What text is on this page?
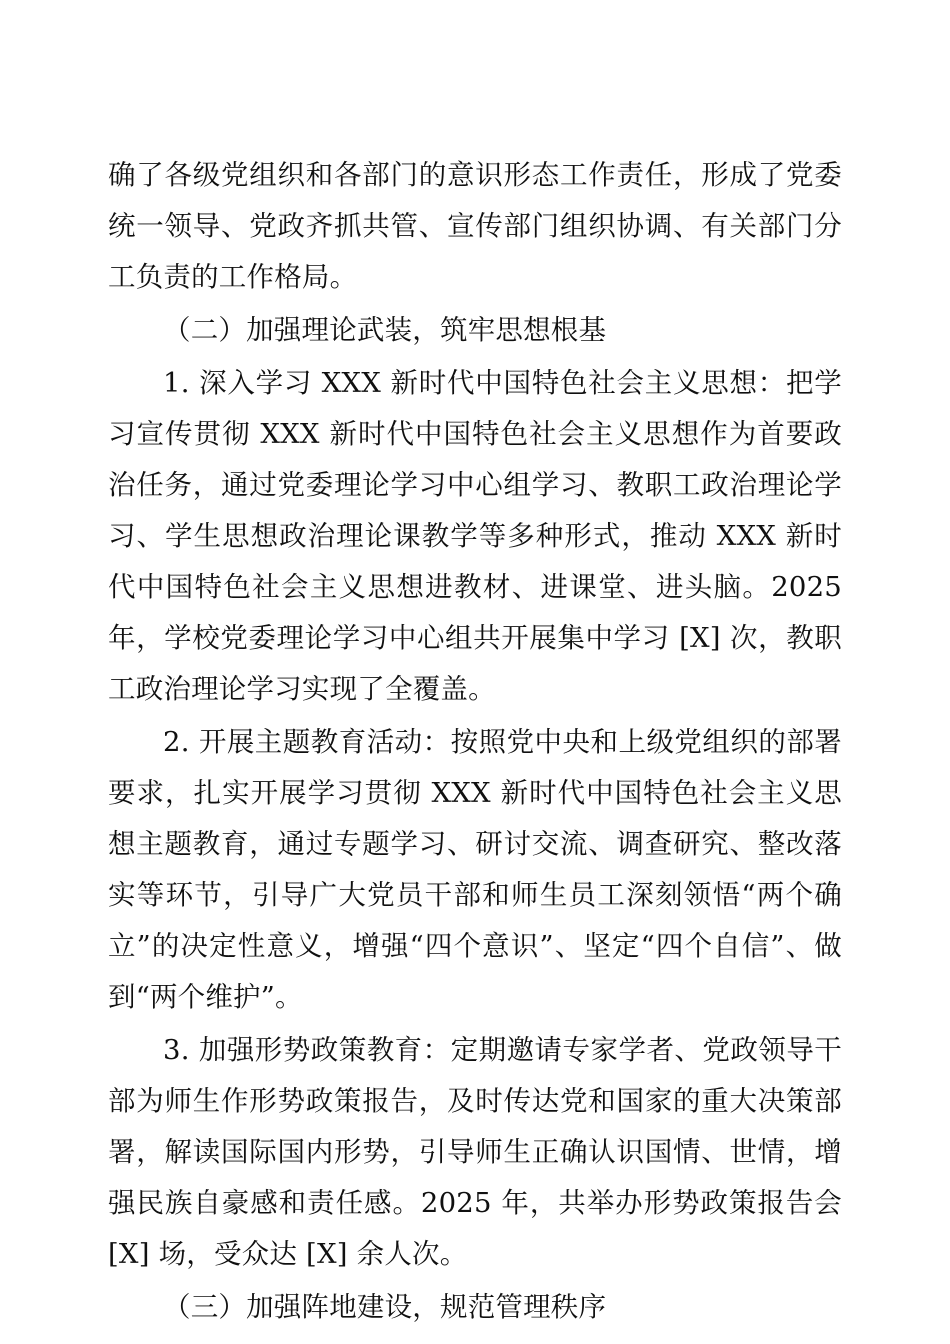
确了各级党组织和各部门的意识形态工作责任，形成了党委统一领导、党政齐抓共管、宣传部门组织协调、有关部门分工负责的工作格局。

（二）加强理论武装，筑牢思想根基

1. 深入学习 XXX 新时代中国特色社会主义思想：把学习宣传贯彻 XXX 新时代中国特色社会主义思想作为首要政治任务，通过党委理论学习中心组学习、教职工政治理论学习、学生思想政治理论课教学等多种形式，推动 XXX 新时代中国特色社会主义思想进教材、进课堂、进头脑。2025 年，学校党委理论学习中心组共开展集中学习 [X] 次，教职工政治理论学习实现了全覆盖。

2. 开展主题教育活动：按照党中央和上级党组织的部署要求，扎实开展学习贯彻 XXX 新时代中国特色社会主义思想主题教育，通过专题学习、研讨交流、调查研究、整改落实等环节，引导广大党员干部和师生员工深刻领悟“两个确立”的决定性意义，增强“四个意识”、坚定“四个自信”、做到“两个维护”。

3. 加强形势政策教育：定期邀请专家学者、党政领导干部为师生作形势政策报告，及时传达党和国家的重大决策部署，解读国际国内形势，引导师生正确认识国情、世情，增强民族自豪感和责任感。2025 年，共举办形势政策报告会 [X] 场，受众达 [X] 余人次。

（三）加强阵地建设，规范管理秩序
